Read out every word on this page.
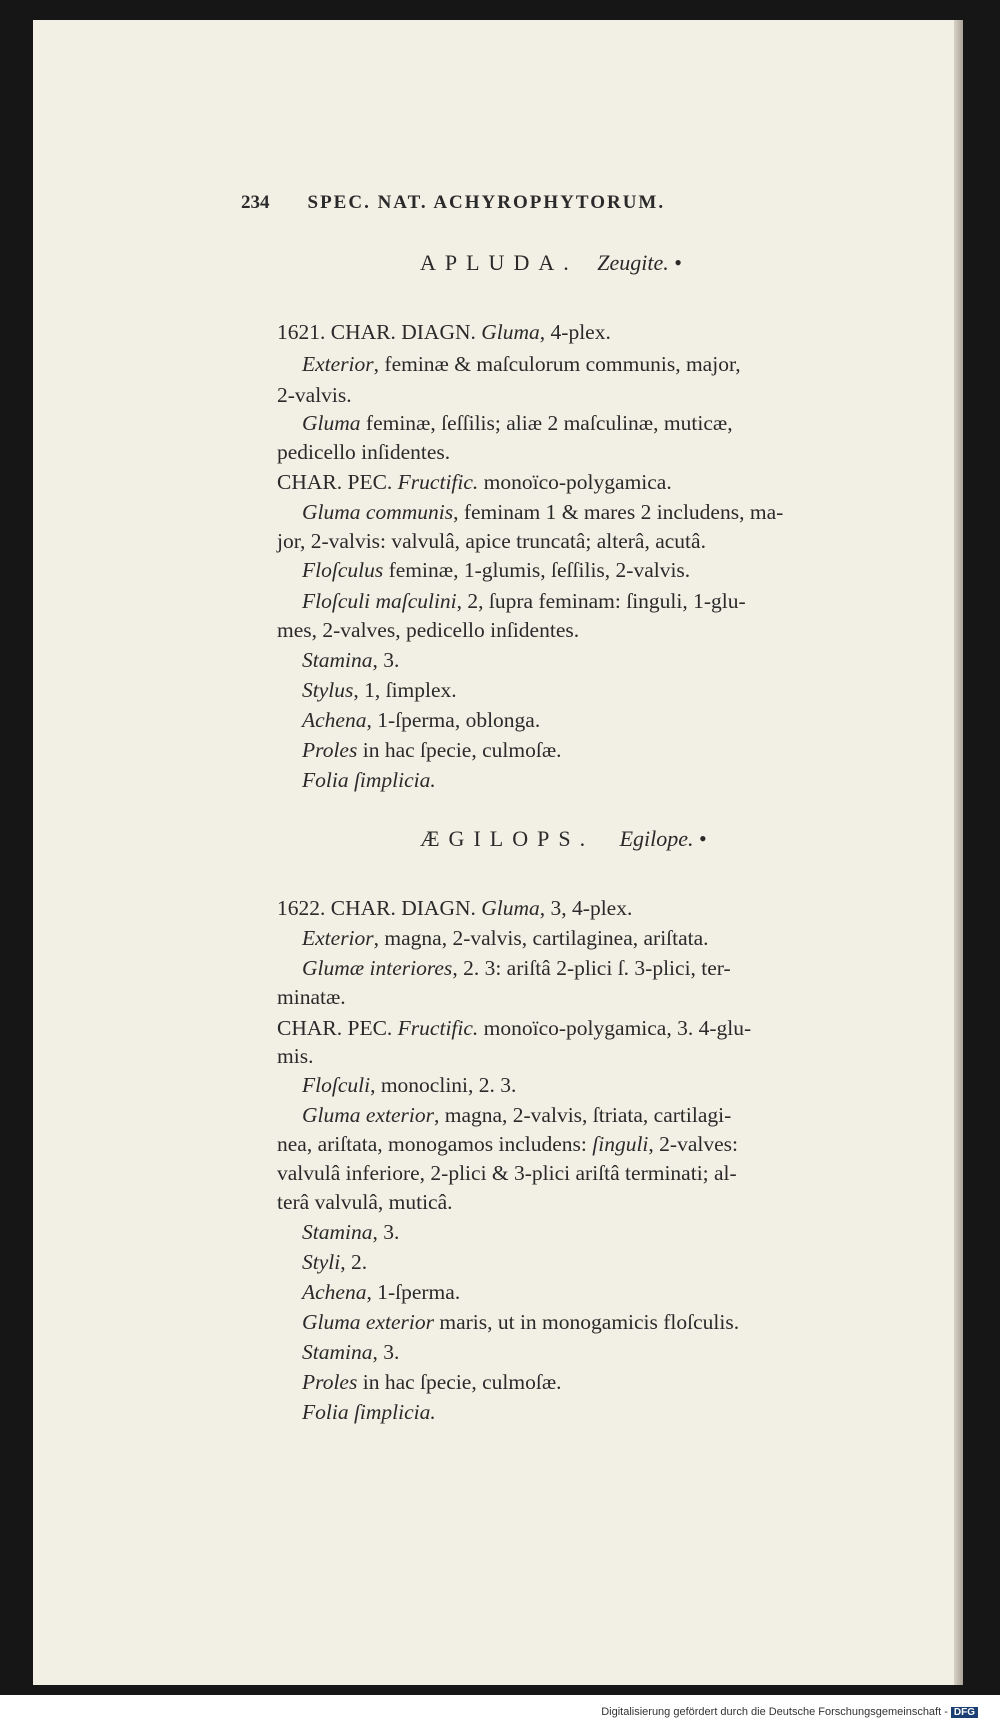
234 SPEC. NAT. ACHYROPHYTORUM.
APLUDA. Zeugite. •
1621. CHAR. DIAGN. Gluma, 4-plex.
Exterior, feminæ & maſculorum communis, major,
2-valvis.
Gluma feminæ, ſeſſilis; aliæ 2 maſculinæ, muticæ,
pedicello inſidentes.
CHAR. PEC. Fructific. monoïco-polygamica.
Gluma communis, feminam 1 & mares 2 includens, ma-
jor, 2-valvis: valvulâ, apice truncatâ; alterâ, acutâ.
Floſculus feminæ, 1-glumis, ſeſſilis, 2-valvis.
Floſculi maſculini, 2, ſupra feminam: ſinguli, 1-glu-
mes, 2-valves, pedicello inſidentes.
Stamina, 3.
Stylus, 1, ſimplex.
Achena, 1-ſperma, oblonga.
Proles in hac ſpecie, culmoſæ.
Folia ſimplicia.
ÆGILOPS. Egilope. •
1622. CHAR. DIAGN. Gluma, 3, 4-plex.
Exterior, magna, 2-valvis, cartilaginea, ariſtata.
Glumæ interiores, 2. 3: ariſtâ 2-plici ſ. 3-plici, ter-
minatæ.
CHAR. PEC. Fructific. monoïco-polygamica, 3. 4-glu-
mis.
Floſculi, monoclini, 2. 3.
Gluma exterior, magna, 2-valvis, ſtriata, cartilagi-
nea, ariſtata, monogamos includens: ſinguli, 2-valves:
valvulâ inferiore, 2-plici & 3-plici ariſtâ terminati; al-
terâ valvulâ, muticâ.
Stamina, 3.
Styli, 2.
Achena, 1-ſperma.
Gluma exterior maris, ut in monogamicis floſculis.
Stamina, 3.
Proles in hac ſpecie, culmoſæ.
Folia ſimplicia.
Digitalisierung gefördert durch die Deutsche Forschungsgemeinschaft - DFG
